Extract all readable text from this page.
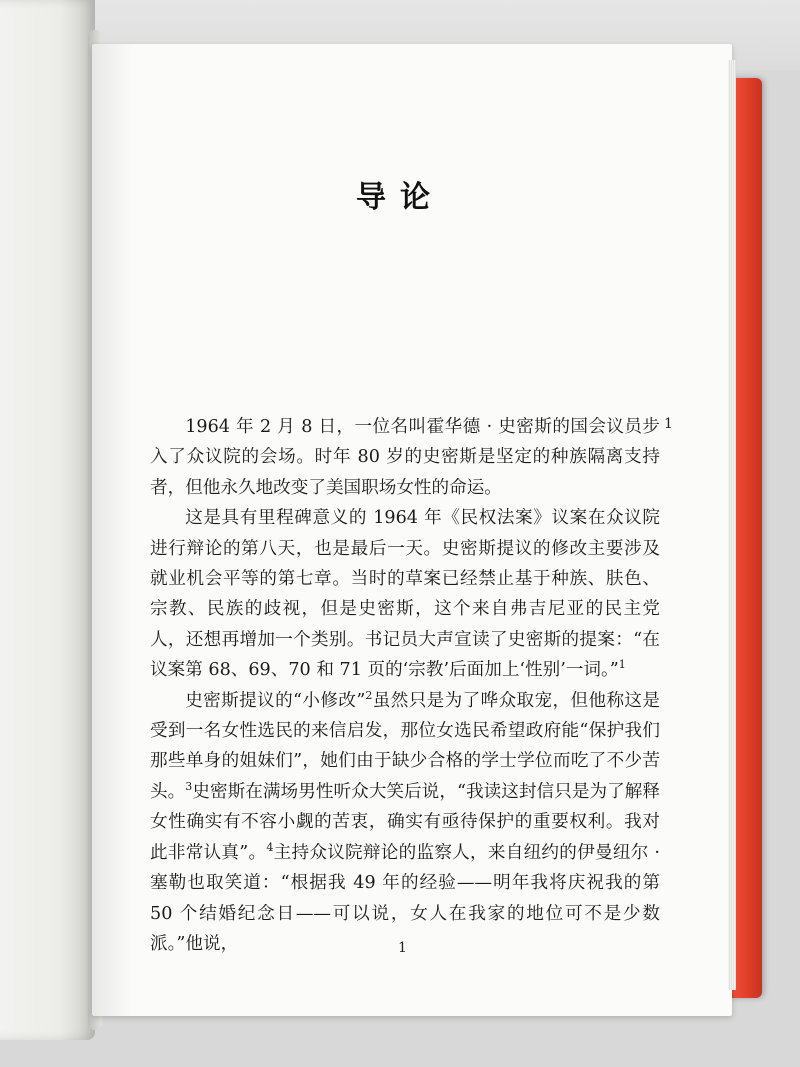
导论

1964 年 2 月 8 日，一位名叫霍华德 · 史密斯的国会议员步入了众议院的会场。时年 80 岁的史密斯是坚定的种族隔离支持者，但他永久地改变了美国职场女性的命运。

这是具有里程碑意义的 1964 年《民权法案》议案在众议院进行辩论的第八天，也是最后一天。史密斯提议的修改主要涉及就业机会平等的第七章。当时的草案已经禁止基于种族、肤色、宗教、民族的歧视，但是史密斯，这个来自弗吉尼亚的民主党人，还想再增加一个类别。书记员大声宣读了史密斯的提案：“在议案第 68、69、70 和 71 页的‘宗教’后面加上‘性别’一词。”$^1$

史密斯提议的“小修改”$^2$虽然只是为了哗众取宠，但他称这是受到一名女性选民的来信启发，那位女选民希望政府能“保护我们那些单身的姐妹们”，她们由于缺少合格的学士学位而吃了不少苦头。$^3$史密斯在满场男性听众大笑后说，“我读这封信只是为了解释女性确实有不容小觑的苦衷，确实有亟待保护的重要权利。我对此非常认真”。$^4$主持众议院辩论的监察人，来自纽约的伊曼纽尔 · 塞勒也取笑道：“根据我 49 年的经验——明年我将庆祝我的第 50 个结婚纪念日——可以说，女人在我家的地位可不是少数派。”他说，

1
1
